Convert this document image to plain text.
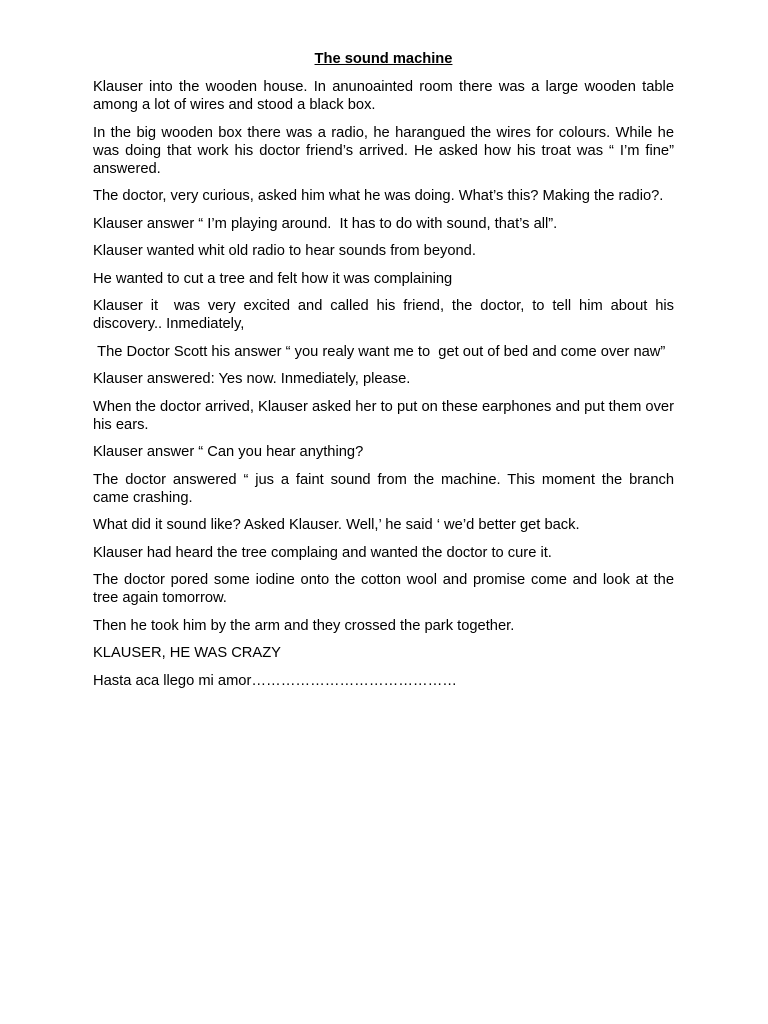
The sound machine

Klauser into the wooden house. In anunoainted room there was a large wooden table  among a lot of wires and stood a black box.

In the big wooden box there was a radio, he harangued the wires for colours. While he was doing that work his doctor friend’s arrived. He asked how his troat was “ I’m fine” answered.

The doctor, very curious, asked him what he was doing. What’s this? Making the radio?.

Klauser answer “ I’m playing around.  It has to do with sound, that’s all”.

Klauser wanted whit old radio to hear sounds from beyond.

He wanted to cut a tree and felt how it was complaining

Klauser it  was very excited and called his friend, the doctor, to tell him about his discovery.. Inmediately,

The Doctor Scott his answer “ you realy want me to  get out of bed and come over naw”

Klauser answered: Yes now. Inmediately, please.

When the doctor arrived, Klauser asked her to put on these earphones and put them over his ears.

Klauser answer “ Can you hear anything?

The doctor answered “ jus a faint sound from the machine. This moment the branch came crashing.

What did it sound like? Asked Klauser. Well,’ he said ‘ we’d better get back.

Klauser had heard the tree complaing and wanted the doctor to cure it.

The doctor pored some iodine onto the cotton wool and promise come and look at the tree again tomorrow.

Then he took him by the arm and they crossed the park together.

KLAUSER, HE WAS CRAZY

Hasta aca llego mi amor……………………………………
